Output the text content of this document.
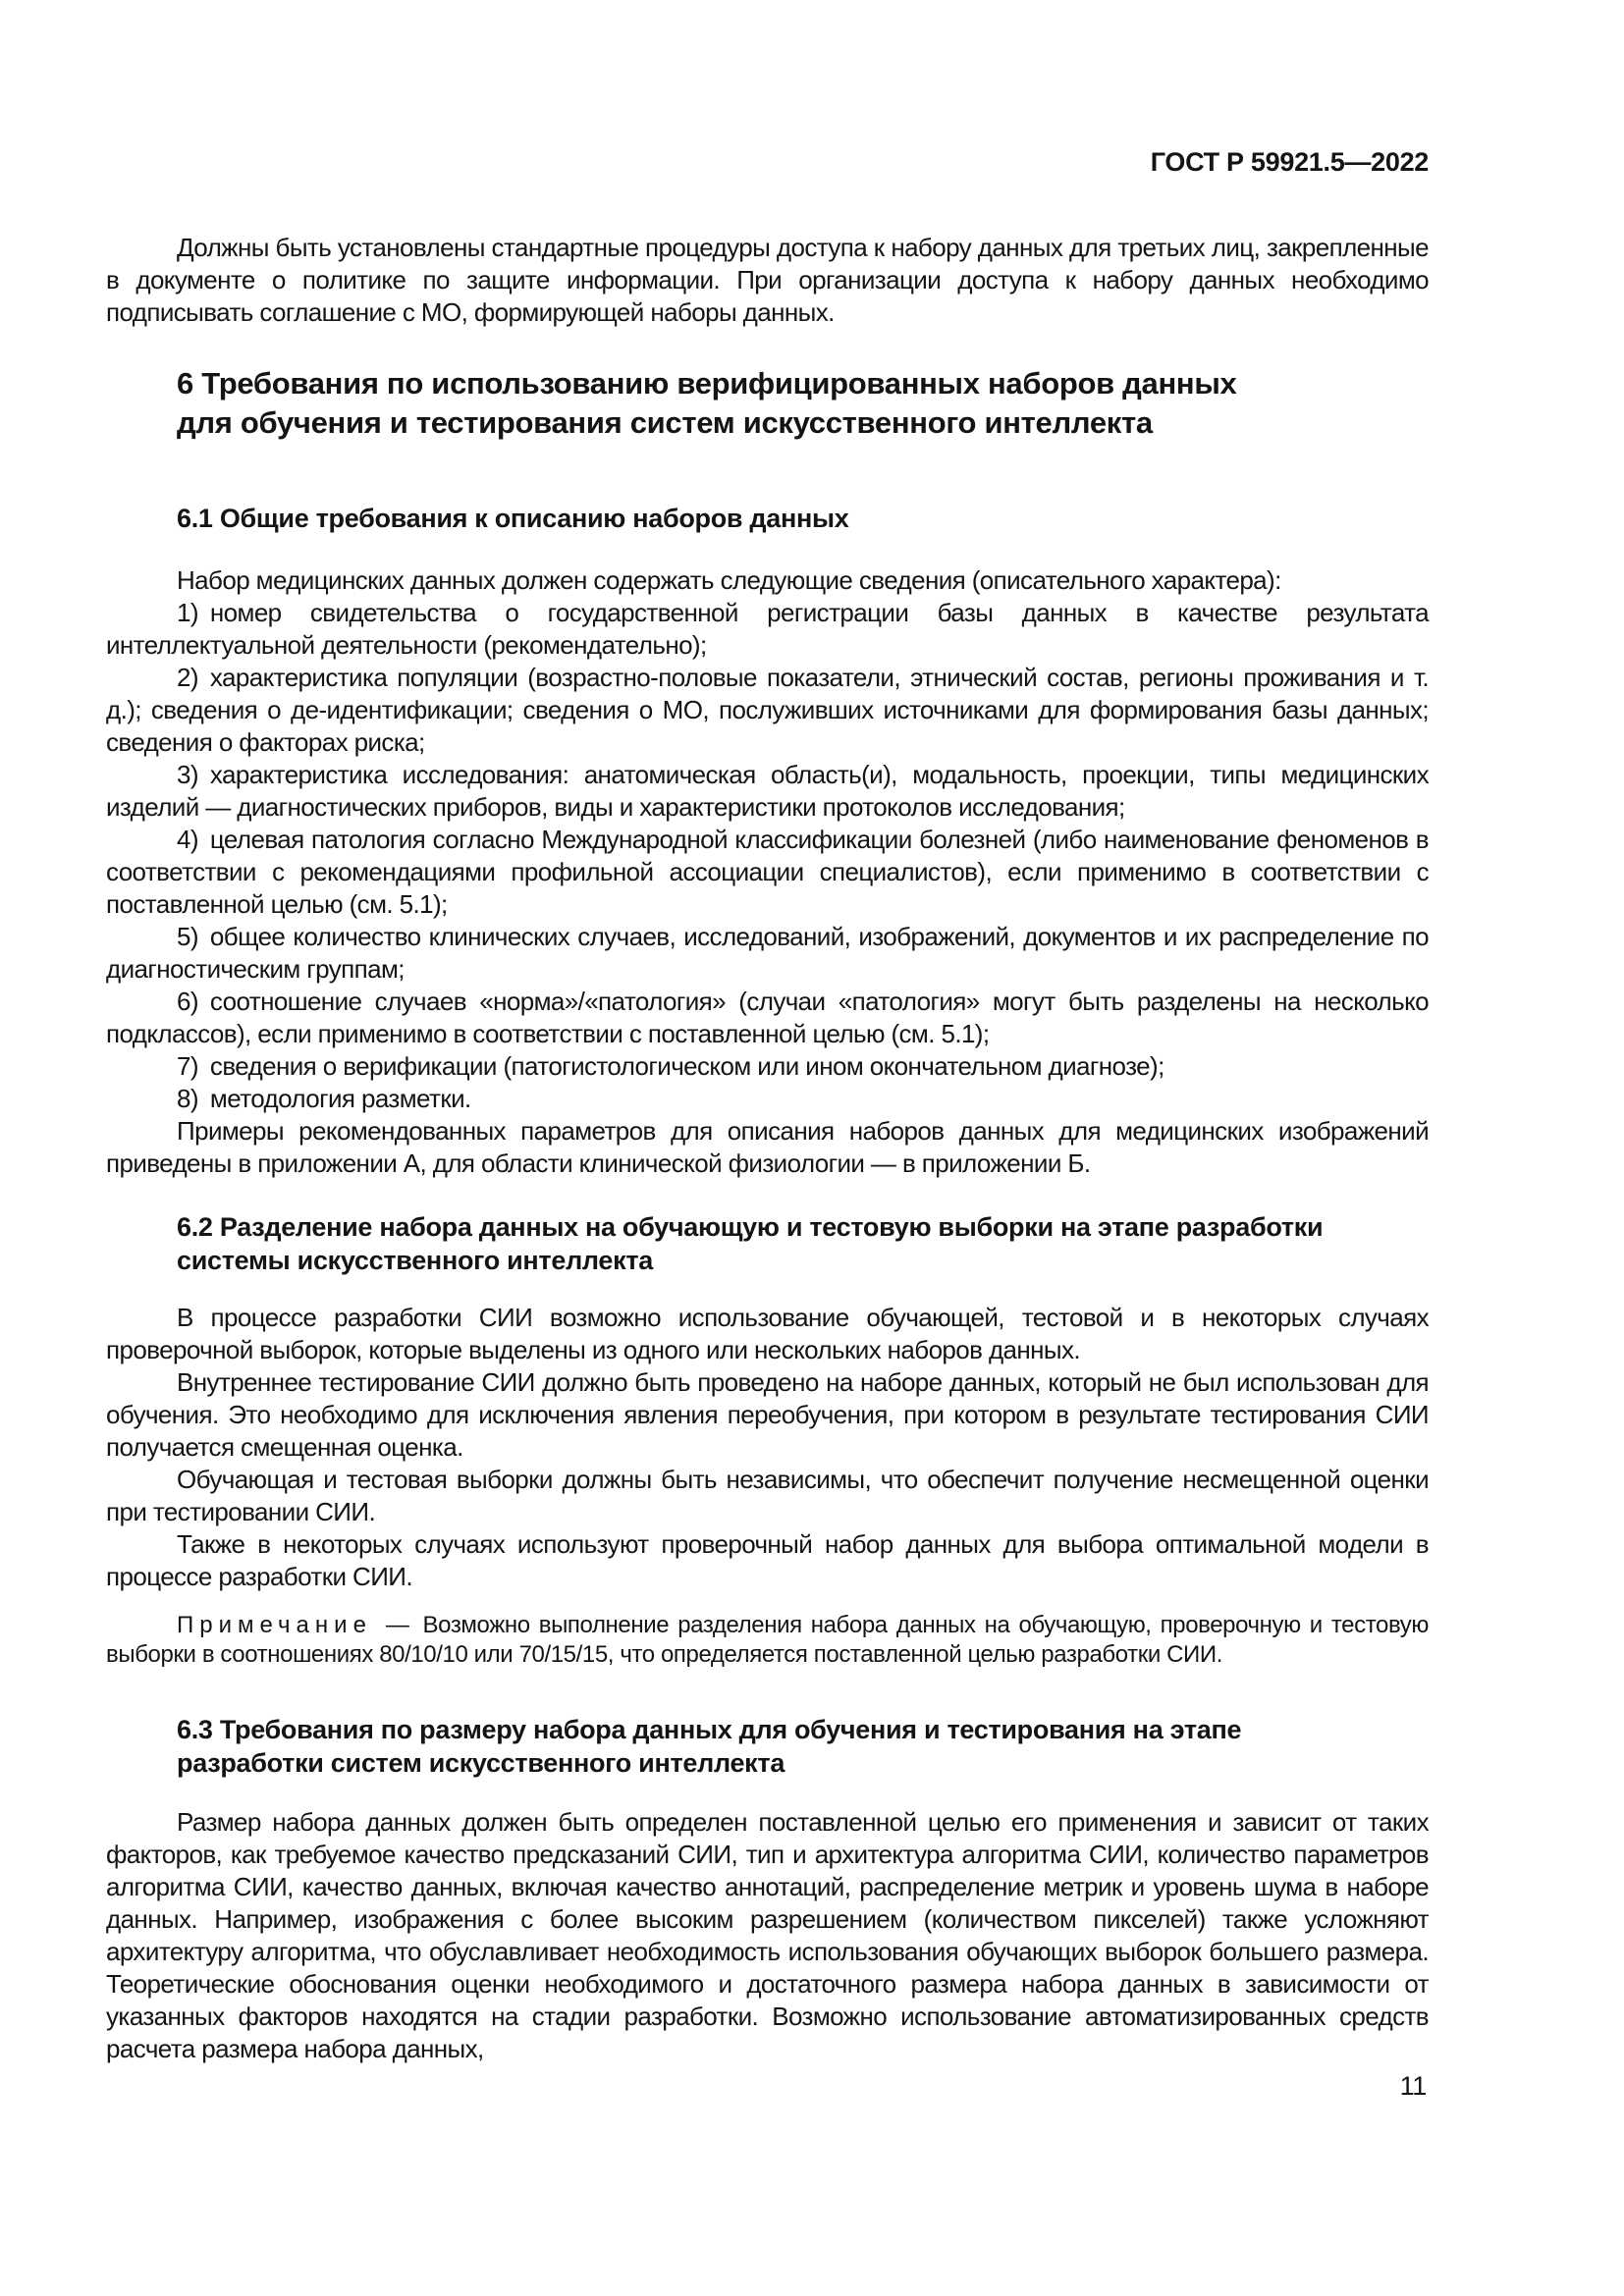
ГОСТ Р 59921.5—2022

Должны быть установлены стандартные процедуры доступа к набору данных для третьих лиц, закрепленные в документе о политике по защите информации. При организации доступа к набору данных необходимо подписывать соглашение с МО, формирующей наборы данных.

6 Требования по использованию верифицированных наборов данных
для обучения и тестирования систем искусственного интеллекта
6.1 Общие требования к описанию наборов данных

Набор медицинских данных должен содержать следующие сведения (описательного характера):

1) номер свидетельства о государственной регистрации базы данных в качестве результата интеллектуальной деятельности (рекомендательно);

2) характеристика популяции (возрастно-половые показатели, этнический состав, регионы проживания и т. д.); сведения о де-идентификации; сведения о МО, послуживших источниками для формирования базы данных; сведения о факторах риска;

3) характеристика исследования: анатомическая область(и), модальность, проекции, типы медицинских изделий — диагностических приборов, виды и характеристики протоколов исследования;

4) целевая патология согласно Международной классификации болезней (либо наименование феноменов в соответствии с рекомендациями профильной ассоциации специалистов), если применимо в соответствии с поставленной целью (см. 5.1);

5) общее количество клинических случаев, исследований, изображений, документов и их распределение по диагностическим группам;

6) соотношение случаев «норма»/«патология» (случаи «патология» могут быть разделены на несколько подклассов), если применимо в соответствии с поставленной целью (см. 5.1);

7) сведения о верификации (патогистологическом или ином окончательном диагнозе);

8) методология разметки.

Примеры рекомендованных параметров для описания наборов данных для медицинских изображений приведены в приложении А, для области клинической физиологии — в приложении Б.

6.2 Разделение набора данных на обучающую и тестовую выборки на этапе разработки
системы искусственного интеллекта

В процессе разработки СИИ возможно использование обучающей, тестовой и в некоторых случаях проверочной выборок, которые выделены из одного или нескольких наборов данных.

Внутреннее тестирование СИИ должно быть проведено на наборе данных, который не был использован для обучения. Это необходимо для исключения явления переобучения, при котором в результате тестирования СИИ получается смещенная оценка.

Обучающая и тестовая выборки должны быть независимы, что обеспечит получение несмещенной оценки при тестировании СИИ.

Также в некоторых случаях используют проверочный набор данных для выбора оптимальной модели в процессе разработки СИИ.

Примечание — Возможно выполнение разделения набора данных на обучающую, проверочную и тестовую выборки в соотношениях 80/10/10 или 70/15/15, что определяется поставленной целью разработки СИИ.

6.3 Требования по размеру набора данных для обучения и тестирования на этапе
разработки систем искусственного интеллекта

Размер набора данных должен быть определен поставленной целью его применения и зависит от таких факторов, как требуемое качество предсказаний СИИ, тип и архитектура алгоритма СИИ, количество параметров алгоритма СИИ, качество данных, включая качество аннотаций, распределение метрик и уровень шума в наборе данных. Например, изображения с более высоким разрешением (количеством пикселей) также усложняют архитектуру алгоритма, что обуславливает необходимость использования обучающих выборок большего размера. Теоретические обоснования оценки необходимого и достаточного размера набора данных в зависимости от указанных факторов находятся на стадии разработки. Возможно использование автоматизированных средств расчета размера набора данных,

11
